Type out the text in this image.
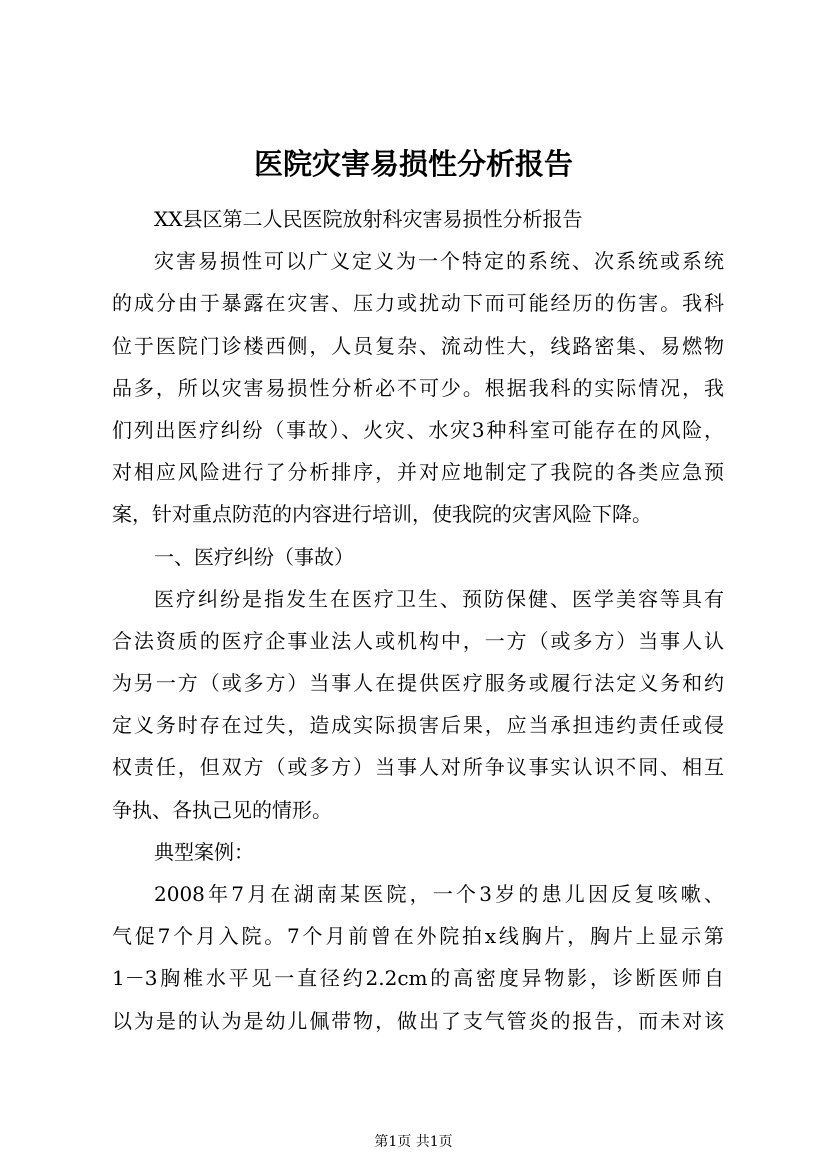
医院灾害易损性分析报告
XX县区第二人民医院放射科灾害易损性分析报告
灾害易损性可以广义定义为一个特定的系统、次系统或系统
的成分由于暴露在灾害、压力或扰动下而可能经历的伤害。我科
位于医院门诊楼西侧，人员复杂、流动性大，线路密集、易燃物
品多，所以灾害易损性分析必不可少。根据我科的实际情况，我
们列出医疗纠纷（事故）、火灾、水灾3种科室可能存在的风险，
对相应风险进行了分析排序，并对应地制定了我院的各类应急预
案，针对重点防范的内容进行培训，使我院的灾害风险下降。
一、医疗纠纷（事故）
医疗纠纷是指发生在医疗卫生、预防保健、医学美容等具有
合法资质的医疗企事业法人或机构中，一方（或多方）当事人认
为另一方（或多方）当事人在提供医疗服务或履行法定义务和约
定义务时存在过失，造成实际损害后果，应当承担违约责任或侵
权责任，但双方（或多方）当事人对所争议事实认识不同、相互
争执、各执己见的情形。
典型案例：
2008年7月在湖南某医院，一个3岁的患儿因反复咳嗽、
气促7个月入院。7个月前曾在外院拍x线胸片，胸片上显示第
1－3胸椎水平见一直径约2.2cm的高密度异物影，诊断医师自
以为是的认为是幼儿佩带物，做出了支气管炎的报告，而未对该
第1页 共1页
